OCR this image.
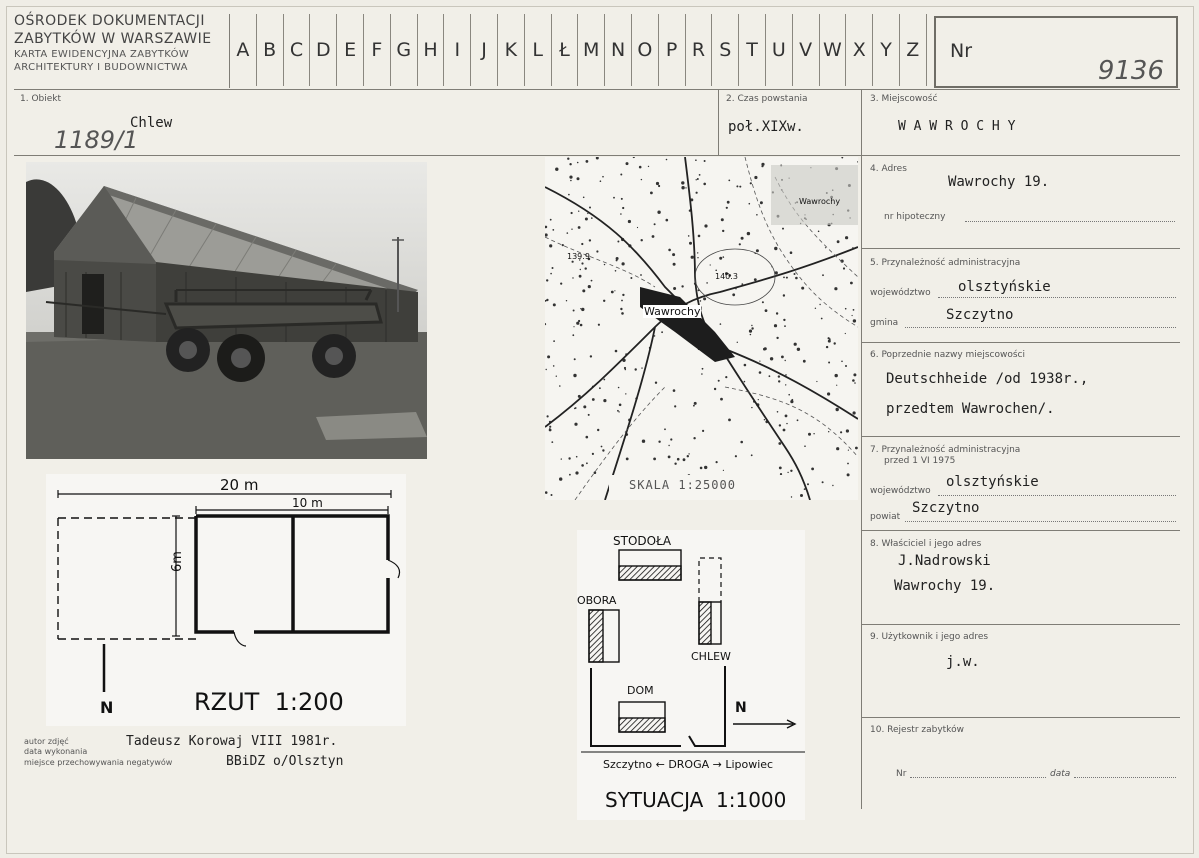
OŚRODEK DOKUMENTACJI
ZABYTKÓW W WARSZAWIE
KARTA EWIDENCYJNA ZABYTKÓW
ARCHITEKTURY I BUDOWNICTWA
A B C D E F G H I	J K L Ł M N O P R S T U V W X Y Z	Nr
9136
1. Obiekt
Chlew
1189/1
2. Czas powstania
poł.XIXw.
3. Miejscowość
W A W R O C H Y
4. Adres
Wawrochy 19.
nr hipoteczny
5. Przynależność administracyjna
województwo olsztyńskie
gmina	Szczytno
6. Poprzednie nazwy miejscowości
Deutschheide /od 1938r.,
przedtem Wawrochen/.
7. Przynależność administracyjna
przed 1 VI 1975
województwo
olsztyńskie
powiat
Szczytno
8. Właściciel i jego adres
J.Nadrowski
Wawrochy 19.
9. Użytkownik i jego adres
j.w.
10. Rejestr zabytków
Nr	data
Wawrochy
Wawrochy
139.9
140.3
SKALA 1:25000
20 m
10 m
6m
N	RZUT  1:200
autor zdjęć
data wykonania
miejsce przechowywania negatywów
Tadeusz Korowaj VIII 1981r.
BBiDZ o/Olsztyn
STODOŁA
OBORA
CHLEW
DOM
N
Szczytno ← DROGA → Lipowiec
SYTUACJA  1:1000
